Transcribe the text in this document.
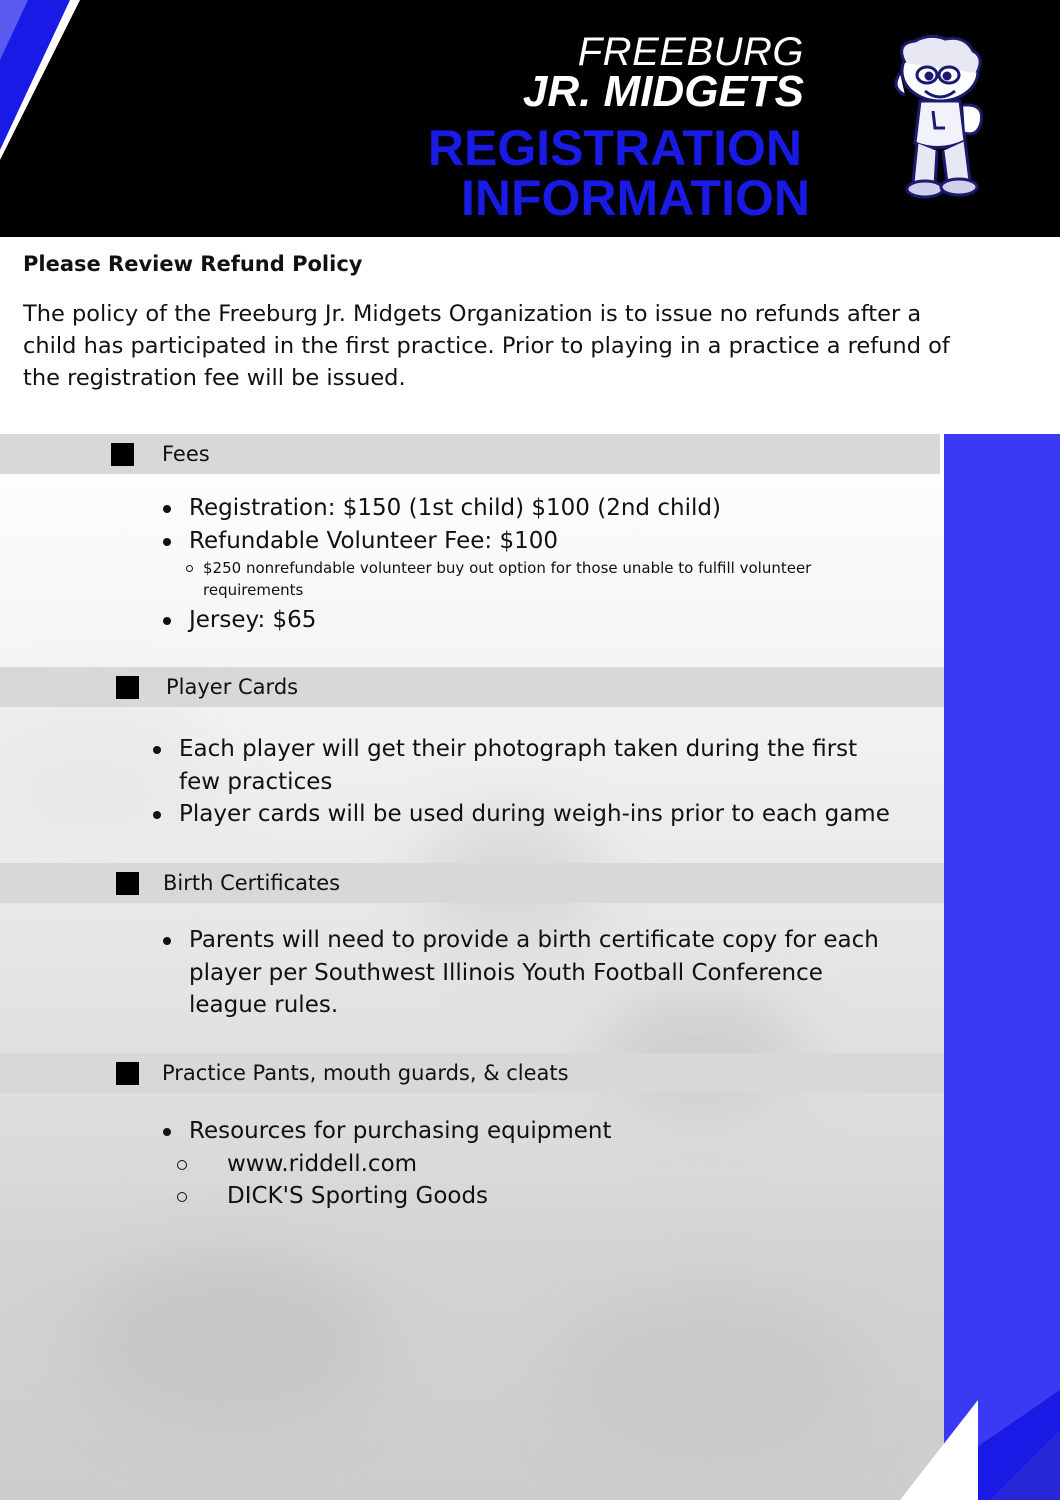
FREEBURG
JR. MIDGETS
REGISTRATION
INFORMATION
Please Review Refund Policy
The policy of the Freeburg Jr. Midgets Organization is to issue no refunds after a child has participated in the first practice. Prior to playing in a practice a refund of the registration fee will be issued.
Fees
Registration: $150 (1st child) $100 (2nd child)
Refundable Volunteer Fee: $100
$250 nonrefundable volunteer buy out option for those unable to fulfill volunteer requirements
Jersey: $65
Player Cards
Each player will get their photograph taken during the first few practices
Player cards will be used during weigh-ins prior to each game
Birth Certificates
Parents will need to provide a birth certificate copy for each player per Southwest Illinois Youth Football Conference league rules.
Practice Pants, mouth guards, & cleats
Resources for purchasing equipment
www.riddell.com
DICK'S Sporting Goods
